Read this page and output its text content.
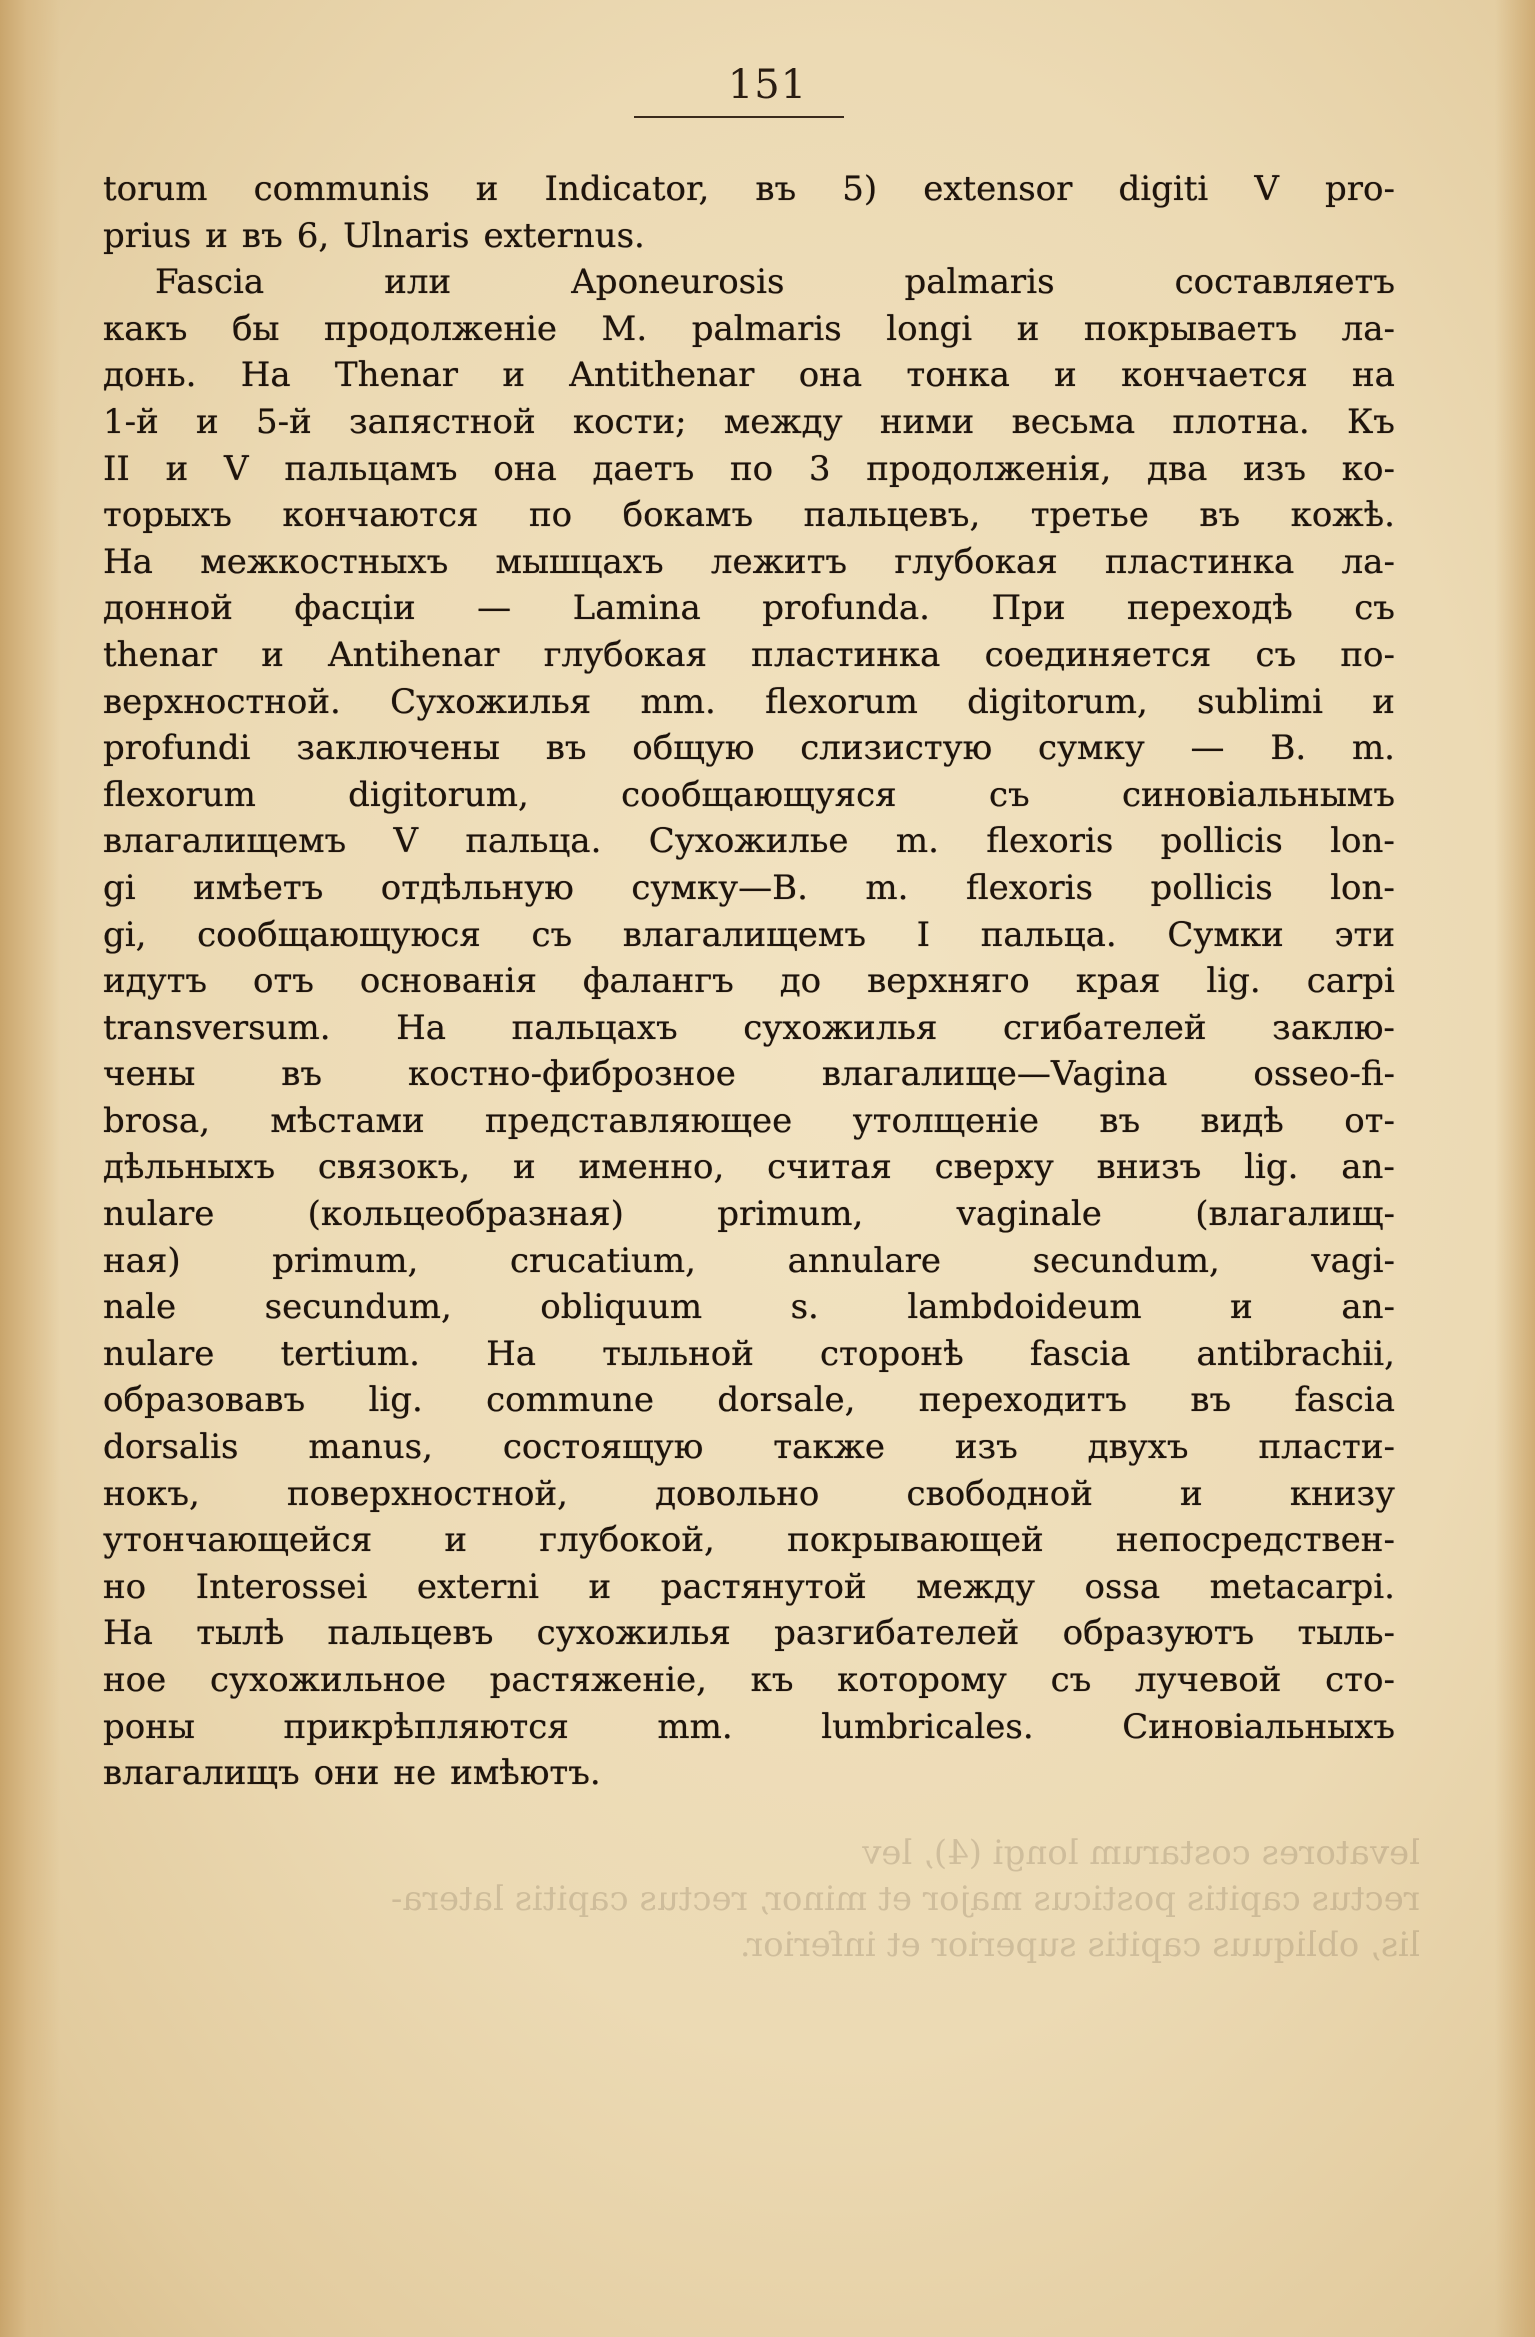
151
levatores costarum longi (4), lev
rectus capitis posticus major et minor, rectus capitis latera-
lis, obliquus capitis superior et inferior.
torum communis и Indicator, въ 5) extensor digiti V pro-
prius и въ 6, Ulnaris externus.
Fascia	или	Aponeurosis	palmaris	составляетъ
какъ бы продолженіе M. palmaris longi и покрываетъ ла-
донь. На Thenar и Antithenar она тонка и кончается на
1-й и 5-й запястной кости; между ними весьма плотна. Къ
II и V пальцамъ она даетъ по 3 продолженія, два изъ ко-
торыхъ кончаются по бокамъ пальцевъ, третье въ кожѣ.
На межкостныхъ мышцахъ лежитъ глубокая пластинка ла-
донной фасціи — Lamina profunda. При переходѣ съ
thenar и Antihenar глубокая пластинка соединяется съ по-
верхностной. Сухожилья mm. flexorum digitorum, sublimi и
profundi заключены въ общую слизистую сумку — B. m.
flexorum	digitorum,	сообщающуяся	съ	синовіальнымъ
влагалищемъ V пальца. Сухожилье m. flexoris pollicis lon-
gi имѣетъ отдѣльную сумку—B. m. flexoris pollicis lon-
gi, сообщающуюся съ влагалищемъ I пальца. Сумки эти
идутъ отъ основанія фалангъ до верхняго края lig. carpi
transversum. На пальцахъ сухожилья сгибателей заклю-
чены	въ	костно-фиброзное	влагалище—Vagina	osseo-fi-
brosa, мѣстами представляющее утолщеніе въ видѣ от-
дѣльныхъ связокъ, и именно, считая сверху внизъ lig. an-
nulare	(кольцеобразная)	primum,	vaginale	(влагалищ-
ная)	primum,	crucatium,	annulare	secundum,	vagi-
nale	secundum,	obliquum	s.	lambdoideum	и	an-
nulare tertium. На тыльной сторонѣ fascia antibrachii,
образовавъ lig. commune dorsale, переходитъ въ fascia
dorsalis manus, состоящую также изъ двухъ пласти-
нокъ,	поверхностной,	довольно	свободной	и	книзу
утончающейся и глубокой, покрывающей непосредствен-
но Interossei externi и растянутой между ossa metacarpi.
На тылѣ пальцевъ сухожилья разгибателей образуютъ тыль-
ное сухожильное растяженіе, къ которому съ лучевой сто-
роны	прикрѣпляются	mm.	lumbricales.	Синовіальныхъ
влагалищъ они не имѣютъ.
